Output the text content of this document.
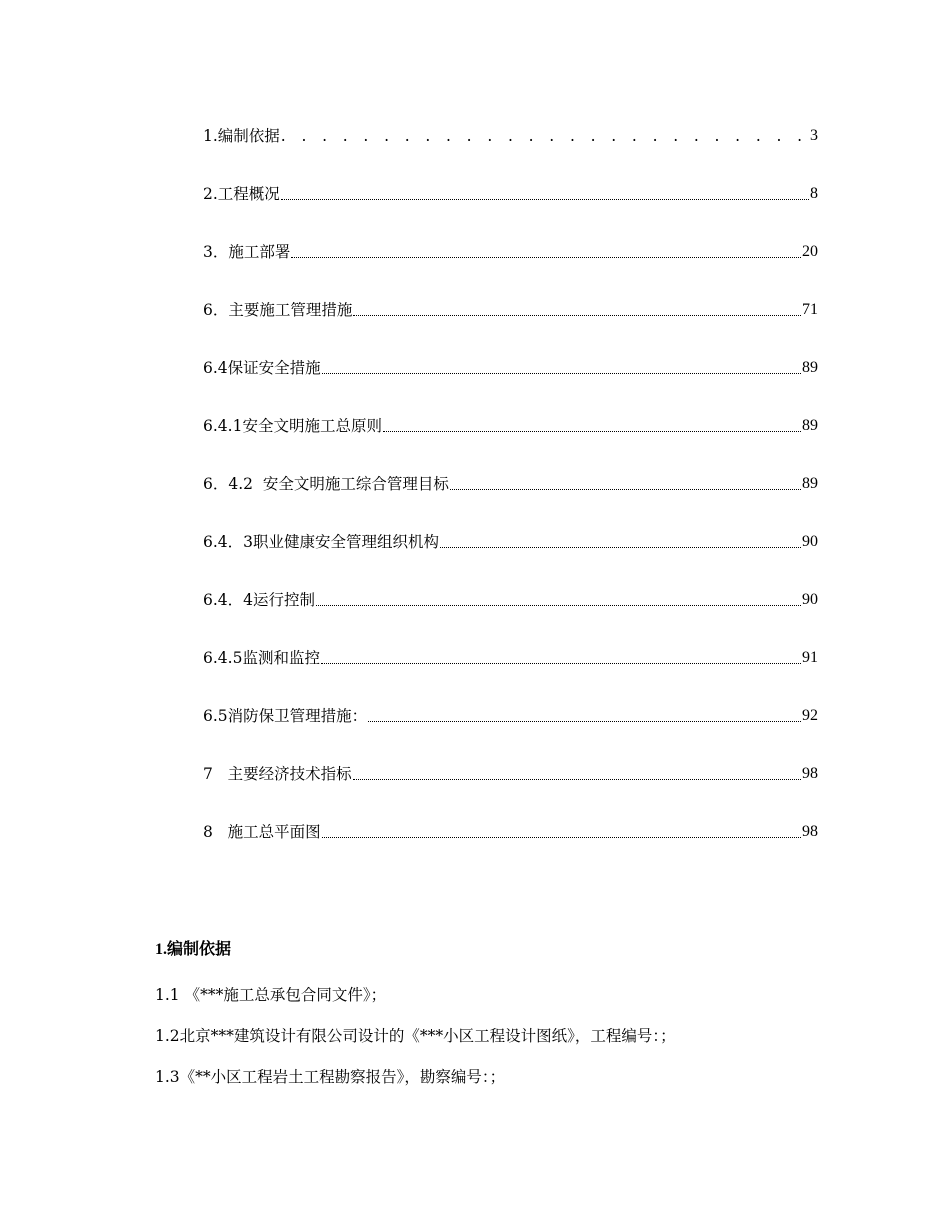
1.编制依据 . . .	3
2.工程概况	8
3．施工部署	20
6．主要施工管理措施	71
6.4保证安全措施	89
6.4.1安全文明施工总原则	89
6．4.2  安全文明施工综合管理目标	89
6.4．3职业健康安全管理组织机构	90
6.4．4运行控制	90
6.4.5监测和监控	91
6.5消防保卫管理措施：	92
7   主要经济技术指标	98
8   施工总平面图	98
1.编制依据
1.1 《***施工总承包合同文件》；
1.2北京***建筑设计有限公司设计的《***小区工程设计图纸》，工程编号：；
1.3《**小区工程岩土工程勘察报告》，勘察编号：；
